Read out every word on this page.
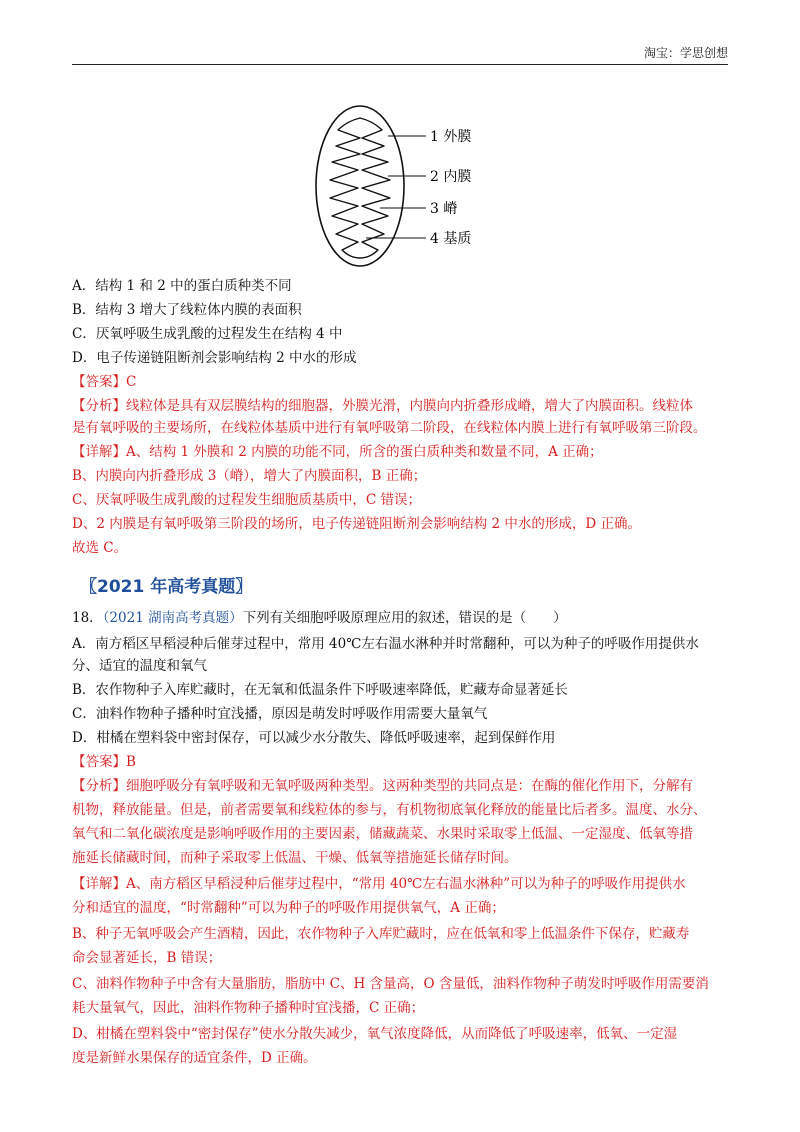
淘宝：学思创想
1 外膜
2 内膜
3 嵴
4 基质
A．结构 1 和 2 中的蛋白质种类不同
B．结构 3 增大了线粒体内膜的表面积
C．厌氧呼吸生成乳酸的过程发生在结构 4 中
D．电子传递链阻断剂会影响结构 2 中水的形成
【答案】C
【分析】线粒体是具有双层膜结构的细胞器，外膜光滑，内膜向内折叠形成嵴，增大了内膜面积。线粒体
是有氧呼吸的主要场所，在线粒体基质中进行有氧呼吸第二阶段，在线粒体内膜上进行有氧呼吸第三阶段。
【详解】A、结构 1 外膜和 2 内膜的功能不同，所含的蛋白质种类和数量不同，A 正确；
B、内膜向内折叠形成 3（嵴），增大了内膜面积，B 正确；
C、厌氧呼吸生成乳酸的过程发生细胞质基质中，C 错误；
D、2 内膜是有氧呼吸第三阶段的场所，电子传递链阻断剂会影响结构 2 中水的形成，D 正确。
故选 C。
〖2021 年高考真题〗
18．（2021 湖南高考真题）下列有关细胞呼吸原理应用的叙述，错误的是（　　）
A．南方稻区早稻浸种后催芽过程中，常用 40℃左右温水淋种并时常翻种，可以为种子的呼吸作用提供水
分、适宜的温度和氧气
B．农作物种子入库贮藏时，在无氧和低温条件下呼吸速率降低，贮藏寿命显著延长
C．油料作物种子播种时宜浅播，原因是萌发时呼吸作用需要大量氧气
D．柑橘在塑料袋中密封保存，可以减少水分散失、降低呼吸速率，起到保鲜作用
【答案】B
【分析】细胞呼吸分有氧呼吸和无氧呼吸两种类型。这两种类型的共同点是：在酶的催化作用下，分解有
机物，释放能量。但是，前者需要氧和线粒体的参与，有机物彻底氧化释放的能量比后者多。温度、水分、
氧气和二氧化碳浓度是影响呼吸作用的主要因素，储藏蔬菜、水果时采取零上低温、一定湿度、低氧等措
施延长储藏时间，而种子采取零上低温、干燥、低氧等措施延长储存时间。
【详解】A、南方稻区早稻浸种后催芽过程中，“常用 40℃左右温水淋种”可以为种子的呼吸作用提供水
分和适宜的温度，“时常翻种”可以为种子的呼吸作用提供氧气，A 正确；
B、种子无氧呼吸会产生酒精，因此，农作物种子入库贮藏时，应在低氧和零上低温条件下保存，贮藏寿
命会显著延长，B 错误；
C、油料作物种子中含有大量脂肪，脂肪中 C、H 含量高，O 含量低，油料作物种子萌发时呼吸作用需要消
耗大量氧气，因此，油料作物种子播种时宜浅播，C 正确；
D、柑橘在塑料袋中“密封保存”使水分散失减少，氧气浓度降低，从而降低了呼吸速率，低氧、一定湿
度是新鲜水果保存的适宜条件，D 正确。
